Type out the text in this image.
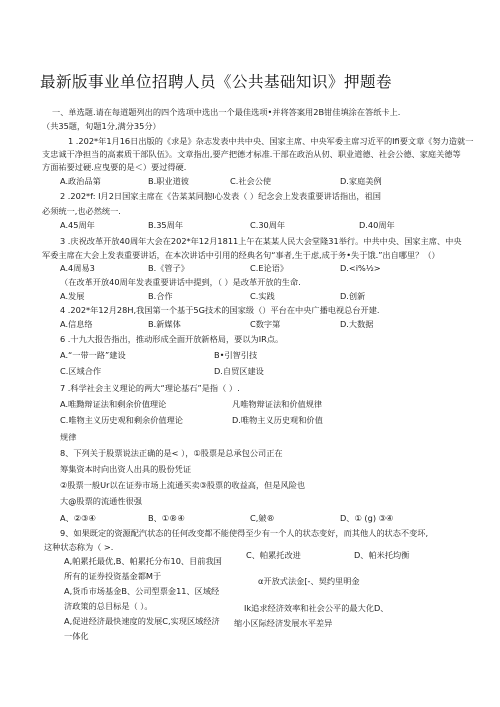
最新版事业单位招聘人员《公共基础知识》押题卷
一、单选题.请在每道题列出的四个选项中选出一个最佳选项•并将答案用2B钳佳填涂在答纸卡上.
（共35题，旬题1分,满分35分）
1 .202*年1月16日出版的《求是》杂志发表中共中央、国家主席、中央军委主席习近平的Ifi要文章《努力造就一
支忠诚干净担当的高素质干部队伍》。文章指出,要产把德才标准.干部在政治从仞、职业道德、社会公德、家庭关德等
方面祐要过硬.应曳要的是＜）要过得硬.
A.政治品第	B.职业道彼	C.社会公使	D.家庭美例
2 .202*f: I月2日国家主席在《告某某同胞I心发表（ ）纪念会上发表重要讲话指出，祖国
必须统一,也必然统一.
A.45周年	B.35周年	C.30周年	D.40周年
3 .庆祝改革开放40周年大会在202*年12月1811上午在某某人民大会堂隆31举行。中共中央、国家主席、中央
军委主席在大会上发表重要讲话，在本次讲话中引用的经典名句“事者,生于虑,成于务•失于饿.”出自哪里？（）
A.4周易3	B.《管子》	C.E论语》	D.<i%½>
（在改革开放40周年发表重要讲话中提到，（ ）是改革开放的生命.
A.发展	B.合作	C.实践	D.创新
4 .202*年12月28H,我国第一个基于5G技术的国家级（）平台在中央广播电视总台开建.
A.信息络	B.新媒体	C数字第	D.大数据
6 .十九大报告指出，推动形成全面开放新格局，要以为IR点。
A.“一带一路”建设	B•引智引技
C.区域合作	D.自贸区建设
7 .科学社会主义理论的两大“理论基石”是指（ ）.
A.唯黝辩证法和剩余价值理论	凡唯物辩证法和价值规律
C.唯物主义历史观和剩余价值理论	D.唯物主义历史观和价值
规律
8、下列关于股票说法正确的是< ），①股票是总承包公司正在
筹集资本时向出资人出具的股份凭证
②股票一般Ur以在证券市场上流通买卖③股票的收益高，但是风险也
大@股票的流通性很强
A、②③④	B、①®④	C,皴®	D、① (g) ③④
9、如果既定的资源配汽状态的任何改变都不能使得至少有一个人的状态变好，而其他人的状态不变坏,
这种状态称为（ >.
A,帕累托最优,B、帕累托分布10、目前我国
所有的证券投资基金都M于
A,货币市场基金B、公司型票金11、区域经
济政策的总目标是（ ）。
A,促进经济最快速度的发展C,实现区域经济
一体化
C、帕累托改进	D、帕米托均衡
α开放式法金[-、契约里明金
Ik追求经济效率和社会公平的最大化D、
缩小区际经济发展水平差异
